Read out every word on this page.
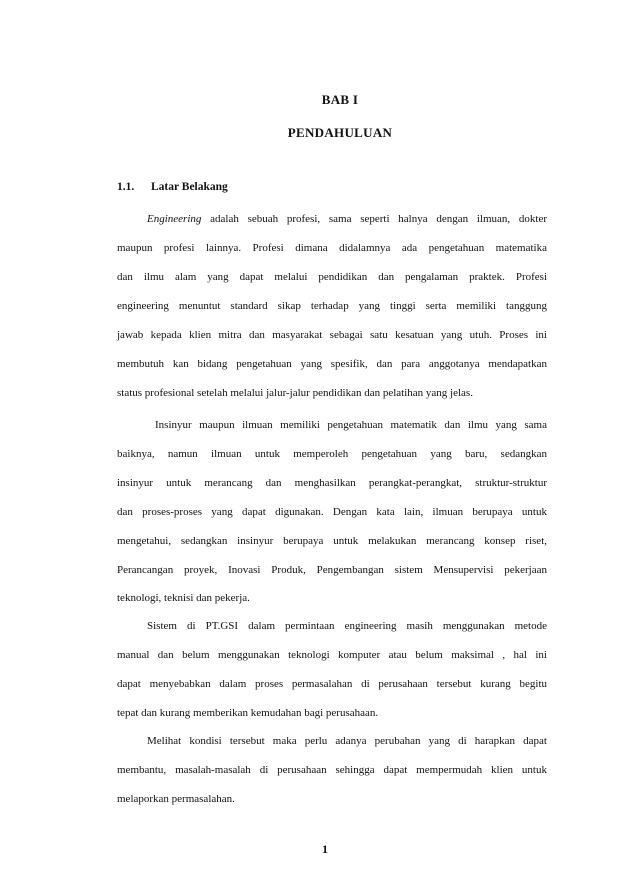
BAB I
PENDAHULUAN
1.1. Latar Belakang
Engineering adalah sebuah profesi, sama seperti halnya dengan ilmuan, dokter
maupun profesi lainnya. Profesi dimana didalamnya ada pengetahuan matematika
dan ilmu alam yang dapat melalui pendidikan dan pengalaman praktek. Profesi
engineering menuntut standard sikap terhadap yang tinggi serta memiliki tanggung
jawab kepada klien mitra dan masyarakat sebagai satu kesatuan yang utuh. Proses ini
membutuh kan bidang pengetahuan yang spesifik, dan para anggotanya mendapatkan
status profesional setelah melalui jalur-jalur pendidikan dan pelatihan yang jelas.
Insinyur maupun ilmuan memiliki pengetahuan matematik dan ilmu yang sama
baiknya, namun ilmuan untuk memperoleh pengetahuan yang baru, sedangkan
insinyur untuk merancang dan menghasilkan perangkat-perangkat, struktur-struktur
dan proses-proses yang dapat digunakan. Dengan kata lain, ilmuan berupaya untuk
mengetahui, sedangkan insinyur berupaya untuk melakukan merancang konsep riset,
Perancangan proyek, Inovasi Produk, Pengembangan sistem Mensupervisi pekerjaan
teknologi, teknisi dan pekerja.
Sistem di PT.GSI dalam permintaan engineering masih menggunakan metode
manual dan belum menggunakan teknologi komputer atau belum maksimal , hal ini
dapat menyebabkan dalam proses permasalahan di perusahaan tersebut kurang begitu
tepat dan kurang memberikan kemudahan bagi perusahaan.
Melihat kondisi tersebut maka perlu adanya perubahan yang di harapkan dapat
membantu, masalah-masalah di perusahaan sehingga dapat mempermudah klien untuk
melaporkan permasalahan.
1
